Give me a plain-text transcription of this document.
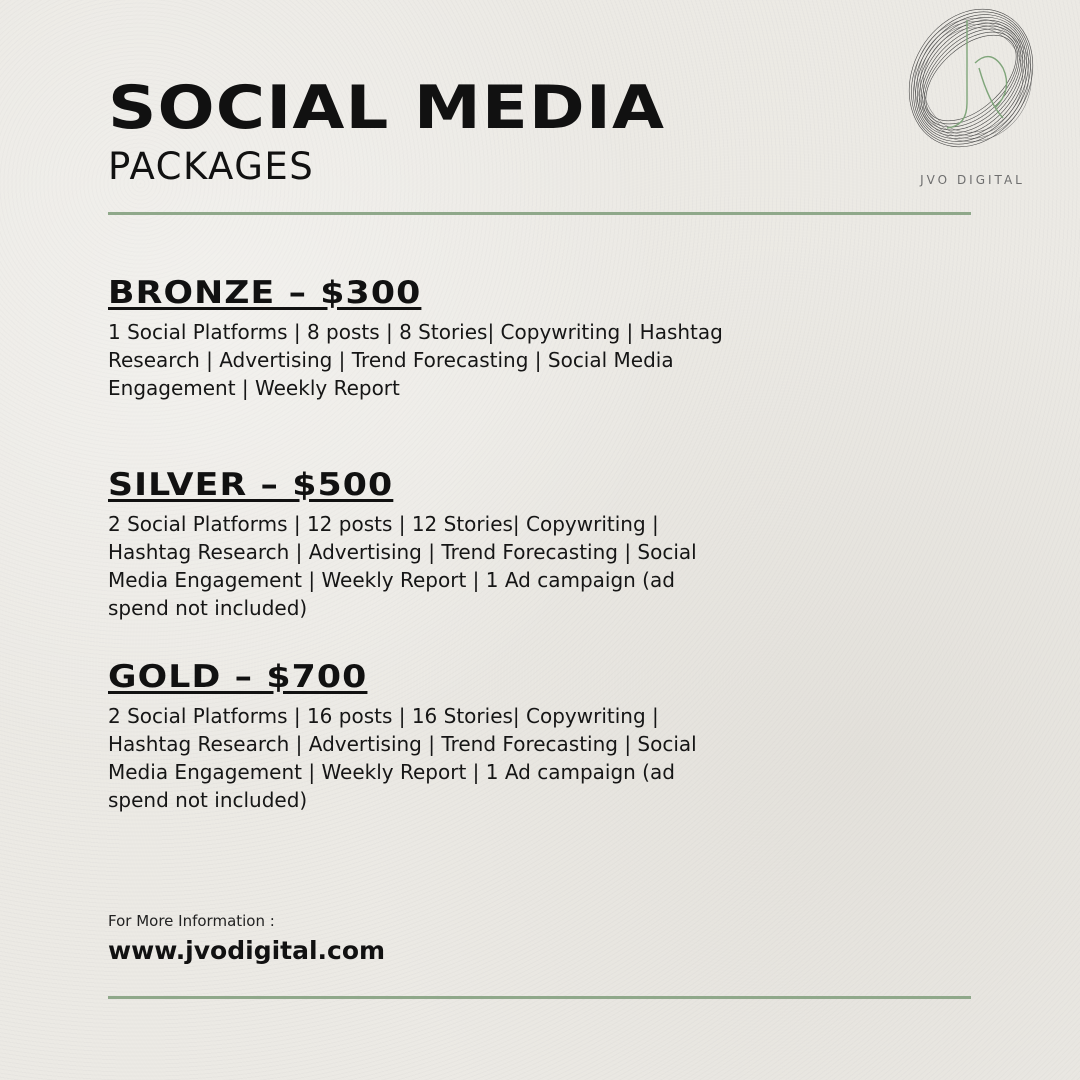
SOCIAL MEDIA
PACKAGES	JVO DIGITAL
BRONZE – $300
1 Social Platforms | 8 posts | 8 Stories| Copywriting | Hashtag Research | Advertising | Trend Forecasting | Social Media Engagement | Weekly Report
SILVER – $500
2 Social Platforms | 12 posts | 12 Stories| Copywriting | Hashtag Research | Advertising | Trend Forecasting | Social Media Engagement | Weekly Report | 1 Ad campaign (ad spend not included)
GOLD – $700
2 Social Platforms | 16 posts | 16 Stories| Copywriting | Hashtag Research | Advertising | Trend Forecasting | Social Media Engagement | Weekly Report | 1 Ad campaign (ad spend not included)
For More Information :
www.jvodigital.com
